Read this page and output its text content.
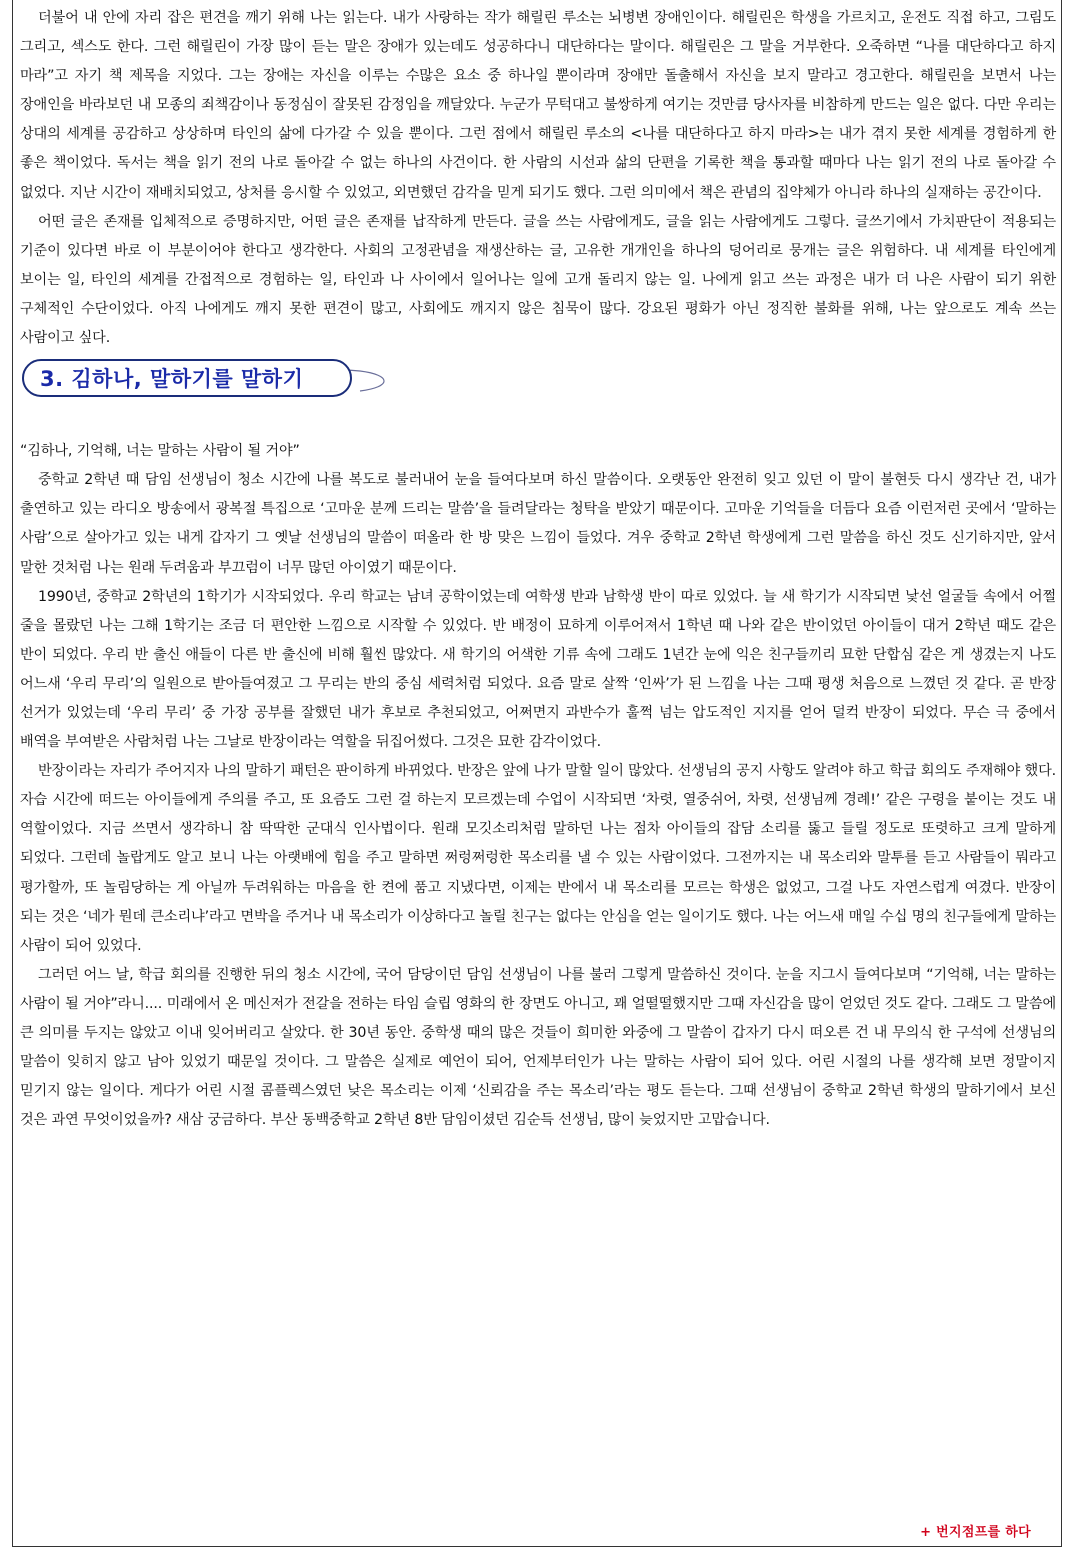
더불어 내 안에 자리 잡은 편견을 깨기 위해 나는 읽는다. 내가 사랑하는 작가 해릴린 루소는 뇌병변 장애인이다. 해릴린은 학생을 가르치고, 운전도 직접 하고, 그림도 그리고, 섹스도 한다. 그런 해릴린이 가장 많이 듣는 말은 장애가 있는데도 성공하다니 대단하다는 말이다. 해릴린은 그 말을 거부한다. 오죽하면 “나를 대단하다고 하지 마라”고 자기 책 제목을 지었다. 그는 장애는 자신을 이루는 수많은 요소 중 하나일 뿐이라며 장애만 돌출해서 자신을 보지 말라고 경고한다. 해릴린을 보면서 나는 장애인을 바라보던 내 모종의 죄책감이나 동정심이 잘못된 감정임을 깨달았다. 누군가 무턱대고 불쌍하게 여기는 것만큼 당사자를 비참하게 만드는 일은 없다. 다만 우리는 상대의 세계를 공감하고 상상하며 타인의 삶에 다가갈 수 있을 뿐이다. 그런 점에서 해릴린 루소의 <나를 대단하다고 하지 마라>는 내가 겪지 못한 세계를 경험하게 한 좋은 책이었다. 독서는 책을 읽기 전의 나로 돌아갈 수 없는 하나의 사건이다. 한 사람의 시선과 삶의 단편을 기록한 책을 통과할 때마다 나는 읽기 전의 나로 돌아갈 수 없었다. 지난 시간이 재배치되었고, 상처를 응시할 수 있었고, 외면했던 감각을 믿게 되기도 했다. 그런 의미에서 책은 관념의 집약체가 아니라 하나의 실재하는 공간이다.

어떤 글은 존재를 입체적으로 증명하지만, 어떤 글은 존재를 납작하게 만든다. 글을 쓰는 사람에게도, 글을 읽는 사람에게도 그렇다. 글쓰기에서 가치판단이 적용되는 기준이 있다면 바로 이 부분이어야 한다고 생각한다. 사회의 고정관념을 재생산하는 글, 고유한 개개인을 하나의 덩어리로 뭉개는 글은 위험하다. 내 세계를 타인에게 보이는 일, 타인의 세계를 간접적으로 경험하는 일, 타인과 나 사이에서 일어나는 일에 고개 돌리지 않는 일. 나에게 읽고 쓰는 과정은 내가 더 나은 사람이 되기 위한 구체적인 수단이었다. 아직 나에게도 깨지 못한 편견이 많고, 사회에도 깨지지 않은 침묵이 많다. 강요된 평화가 아닌 정직한 불화를 위해, 나는 앞으로도 계속 쓰는 사람이고 싶다.

3. 김하나, 말하기를 말하기

“김하나, 기억해, 너는 말하는 사람이 될 거야”

중학교 2학년 때 담임 선생님이 청소 시간에 나를 복도로 불러내어 눈을 들여다보며 하신 말씀이다. 오랫동안 완전히 잊고 있던 이 말이 불현듯 다시 생각난 건, 내가 출연하고 있는 라디오 방송에서 광복절 특집으로 ‘고마운 분께 드리는 말씀’을 들려달라는 청탁을 받았기 때문이다. 고마운 기억들을 더듬다 요즘 이런저런 곳에서 ‘말하는 사람’으로 살아가고 있는 내게 갑자기 그 옛날 선생님의 말씀이 떠올라 한 방 맞은 느낌이 들었다. 겨우 중학교 2학년 학생에게 그런 말씀을 하신 것도 신기하지만, 앞서 말한 것처럼 나는 원래 두려움과 부끄럼이 너무 많던 아이였기 때문이다.

1990년, 중학교 2학년의 1학기가 시작되었다. 우리 학교는 남녀 공학이었는데 여학생 반과 남학생 반이 따로 있었다. 늘 새 학기가 시작되면 낯선 얼굴들 속에서 어쩔 줄을 몰랐던 나는 그해 1학기는 조금 더 편안한 느낌으로 시작할 수 있었다. 반 배정이 묘하게 이루어져서 1학년 때 나와 같은 반이었던 아이들이 대거 2학년 때도 같은 반이 되었다. 우리 반 출신 애들이 다른 반 출신에 비해 훨씬 많았다. 새 학기의 어색한 기류 속에 그래도 1년간 눈에 익은 친구들끼리 묘한 단합심 같은 게 생겼는지 나도 어느새 ‘우리 무리’의 일원으로 받아들여졌고 그 무리는 반의 중심 세력처럼 되었다. 요즘 말로 살짝 ‘인싸’가 된 느낌을 나는 그때 평생 처음으로 느꼈던 것 같다. 곧 반장 선거가 있었는데 ‘우리 무리’ 중 가장 공부를 잘했던 내가 후보로 추천되었고, 어쩌면지 과반수가 훌쩍 넘는 압도적인 지지를 얻어 덜컥 반장이 되었다. 무슨 극 중에서 배역을 부여받은 사람처럼 나는 그날로 반장이라는 역할을 뒤집어썼다. 그것은 묘한 감각이었다.

반장이라는 자리가 주어지자 나의 말하기 패턴은 판이하게 바뀌었다. 반장은 앞에 나가 말할 일이 많았다. 선생님의 공지 사항도 알려야 하고 학급 회의도 주재해야 했다. 자습 시간에 떠드는 아이들에게 주의를 주고, 또 요즘도 그런 걸 하는지 모르겠는데 수업이 시작되면 ‘차렷, 열중쉬어, 차렷, 선생님께 경례!’ 같은 구령을 붙이는 것도 내 역할이었다. 지금 쓰면서 생각하니 참 딱딱한 군대식 인사법이다. 원래 모깃소리처럼 말하던 나는 점차 아이들의 잡담 소리를 뚫고 들릴 정도로 또렷하고 크게 말하게 되었다. 그런데 놀랍게도 알고 보니 나는 아랫배에 힘을 주고 말하면 쩌렁쩌렁한 목소리를 낼 수 있는 사람이었다. 그전까지는 내 목소리와 말투를 듣고 사람들이 뭐라고 평가할까, 또 놀림당하는 게 아닐까 두려워하는 마음을 한 켠에 품고 지냈다면, 이제는 반에서 내 목소리를 모르는 학생은 없었고, 그걸 나도 자연스럽게 여겼다. 반장이 되는 것은 ‘네가 뭔데 큰소리냐’라고 면박을 주거나 내 목소리가 이상하다고 놀릴 친구는 없다는 안심을 얻는 일이기도 했다. 나는 어느새 매일 수십 명의 친구들에게 말하는 사람이 되어 있었다.

그러던 어느 날, 학급 회의를 진행한 뒤의 청소 시간에, 국어 담당이던 담임 선생님이 나를 불러 그렇게 말씀하신 것이다. 눈을 지그시 들여다보며 “기억해, 너는 말하는 사람이 될 거야”라니.... 미래에서 온 메신저가 전갈을 전하는 타임 슬립 영화의 한 장면도 아니고, 꽤 얼떨떨했지만 그때 자신감을 많이 얻었던 것도 같다. 그래도 그 말씀에 큰 의미를 두지는 않았고 이내 잊어버리고 살았다. 한 30년 동안. 중학생 때의 많은 것들이 희미한 와중에 그 말씀이 갑자기 다시 떠오른 건 내 무의식 한 구석에 선생님의 말씀이 잊히지 않고 남아 있었기 때문일 것이다. 그 말씀은 실제로 예언이 되어, 언제부터인가 나는 말하는 사람이 되어 있다. 어린 시절의 나를 생각해 보면 정말이지 믿기지 않는 일이다. 게다가 어린 시절 콤플렉스였던 낮은 목소리는 이제 ‘신뢰감을 주는 목소리’라는 평도 듣는다. 그때 선생님이 중학교 2학년 학생의 말하기에서 보신 것은 과연 무엇이었을까? 새삼 궁금하다. 부산 동백중학교 2학년 8반 담임이셨던 김순득 선생님, 많이 늦었지만 고맙습니다.

+ 번지점프를 하다
